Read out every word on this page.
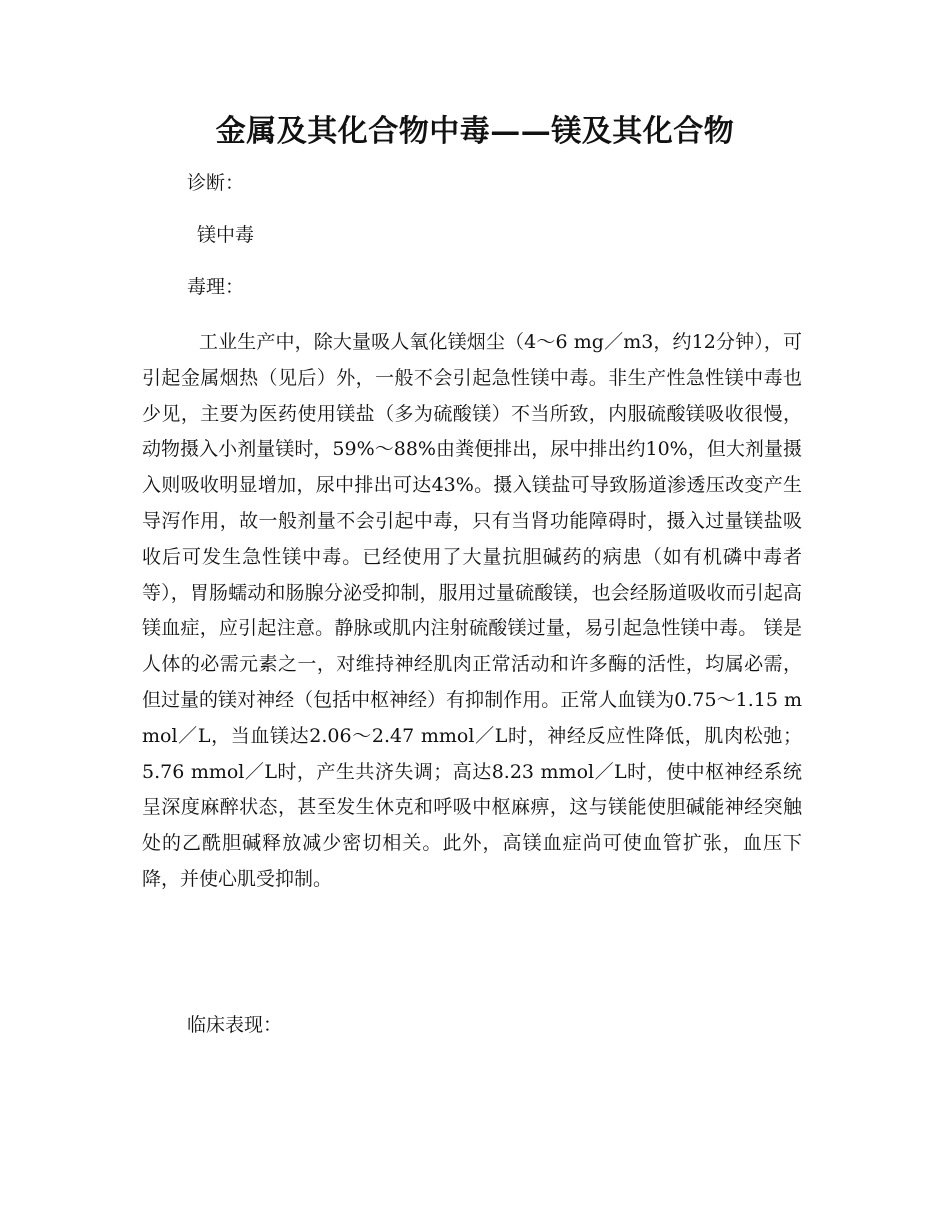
金属及其化合物中毒——镁及其化合物

诊断：

镁中毒

毒理：

工业生产中，除大量吸人氧化镁烟尘（4～6 mg／m3，约12分钟），可引起金属烟热（见后）外，一般不会引起急性镁中毒。非生产性急性镁中毒也少见，主要为医药使用镁盐（多为硫酸镁）不当所致，内服硫酸镁吸收很慢，动物摄入小剂量镁时，59%～88%由粪便排出，尿中排出约10%，但大剂量摄入则吸收明显增加，尿中排出可达43%。摄入镁盐可导致肠道渗透压改变产生导泻作用，故一般剂量不会引起中毒，只有当肾功能障碍时，摄入过量镁盐吸收后可发生急性镁中毒。已经使用了大量抗胆碱药的病患（如有机磷中毒者等），胃肠蠕动和肠腺分泌受抑制，服用过量硫酸镁，也会经肠道吸收而引起高镁血症，应引起注意。静脉或肌内注射硫酸镁过量，易引起急性镁中毒。 镁是人体的必需元素之一，对维持神经肌肉正常活动和许多酶的活性，均属必需，但过量的镁对神经（包括中枢神经）有抑制作用。正常人血镁为0.75～1.15 mmol／L，当血镁达2.06～2.47 mmol／L时，神经反应性降低，肌肉松弛；5.76 mmol／L时，产生共济失调；高达8.23 mmol／L时，使中枢神经系统呈深度麻醉状态，甚至发生休克和呼吸中枢麻痹，这与镁能使胆碱能神经突触处的乙酰胆碱释放减少密切相关。此外，高镁血症尚可使血管扩张，血压下降，并使心肌受抑制。

临床表现：
